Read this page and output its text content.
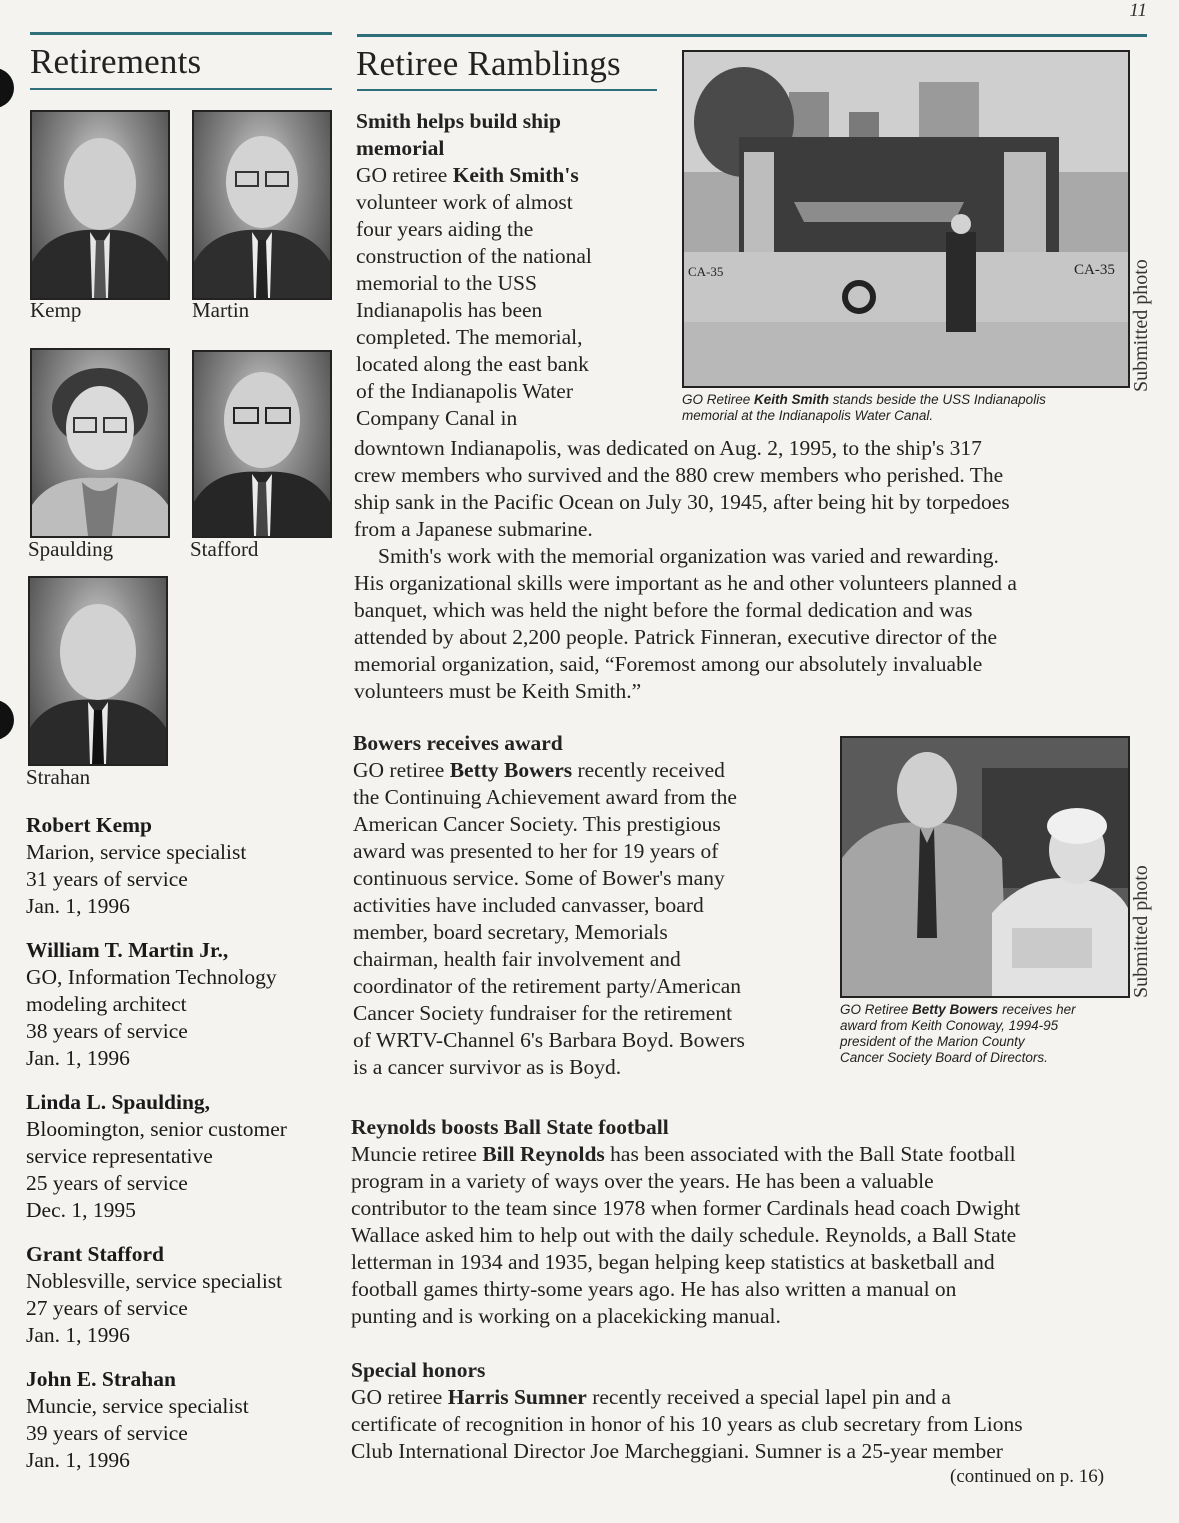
11
Retirements
Kemp	Martin
Spaulding	Stafford
Strahan
Robert Kemp
Marion, service specialist
31 years of service
Jan. 1, 1996
William T. Martin Jr.,
GO, Information Technology
modeling architect
38 years of service
Jan. 1, 1996
Linda L. Spaulding,
Bloomington, senior customer
service representative
25 years of service
Dec. 1, 1995
Grant Stafford
Noblesville, service specialist
27 years of service
Jan. 1, 1996
John E. Strahan
Muncie, service specialist
39 years of service
Jan. 1, 1996
Retiree Ramblings
CA-35	CA-35 Submitted photo
GO Retiree Keith Smith stands beside the USS Indianapolis
memorial at the Indianapolis Water Canal.
Smith helps build ship
memorial
GO retiree Keith Smith's
volunteer work of almost
four years aiding the
construction of the national
memorial to the USS
Indianapolis has been
completed. The memorial,
located along the east bank
of the Indianapolis Water
Company Canal in
downtown Indianapolis, was dedicated on Aug. 2, 1995, to the ship's 317
crew members who survived and the 880 crew members who perished. The
ship sank in the Pacific Ocean on July 30, 1945, after being hit by torpedoes
from a Japanese submarine.
Smith's work with the memorial organization was varied and rewarding.
His organizational skills were important as he and other volunteers planned a
banquet, which was held the night before the formal dedication and was
attended by about 2,200 people. Patrick Finneran, executive director of the
memorial organization, said, “Foremost among our absolutely invaluable
volunteers must be Keith Smith.”
Bowers receives award
GO retiree Betty Bowers recently received
the Continuing Achievement award from the
American Cancer Society. This prestigious
award was presented to her for 19 years of
continuous service. Some of Bower's many
activities have included canvasser, board
member, board secretary, Memorials
chairman, health fair involvement and
coordinator of the retirement party/American
Cancer Society fundraiser for the retirement
of WRTV-Channel 6's Barbara Boyd. Bowers
is a cancer survivor as is Boyd.
Submitted photo
GO Retiree Betty Bowers receives her
award from Keith Conoway, 1994-95
president of the Marion County
Cancer Society Board of Directors.
Reynolds boosts Ball State football
Muncie retiree Bill Reynolds has been associated with the Ball State football
program in a variety of ways over the years. He has been a valuable
contributor to the team since 1978 when former Cardinals head coach Dwight
Wallace asked him to help out with the daily schedule. Reynolds, a Ball State
letterman in 1934 and 1935, began helping keep statistics at basketball and
football games thirty-some years ago. He has also written a manual on
punting and is working on a placekicking manual.
Special honors
GO retiree Harris Sumner recently received a special lapel pin and a
certificate of recognition in honor of his 10 years as club secretary from Lions
Club International Director Joe Marcheggiani. Sumner is a 25-year member
(continued on p. 16)
